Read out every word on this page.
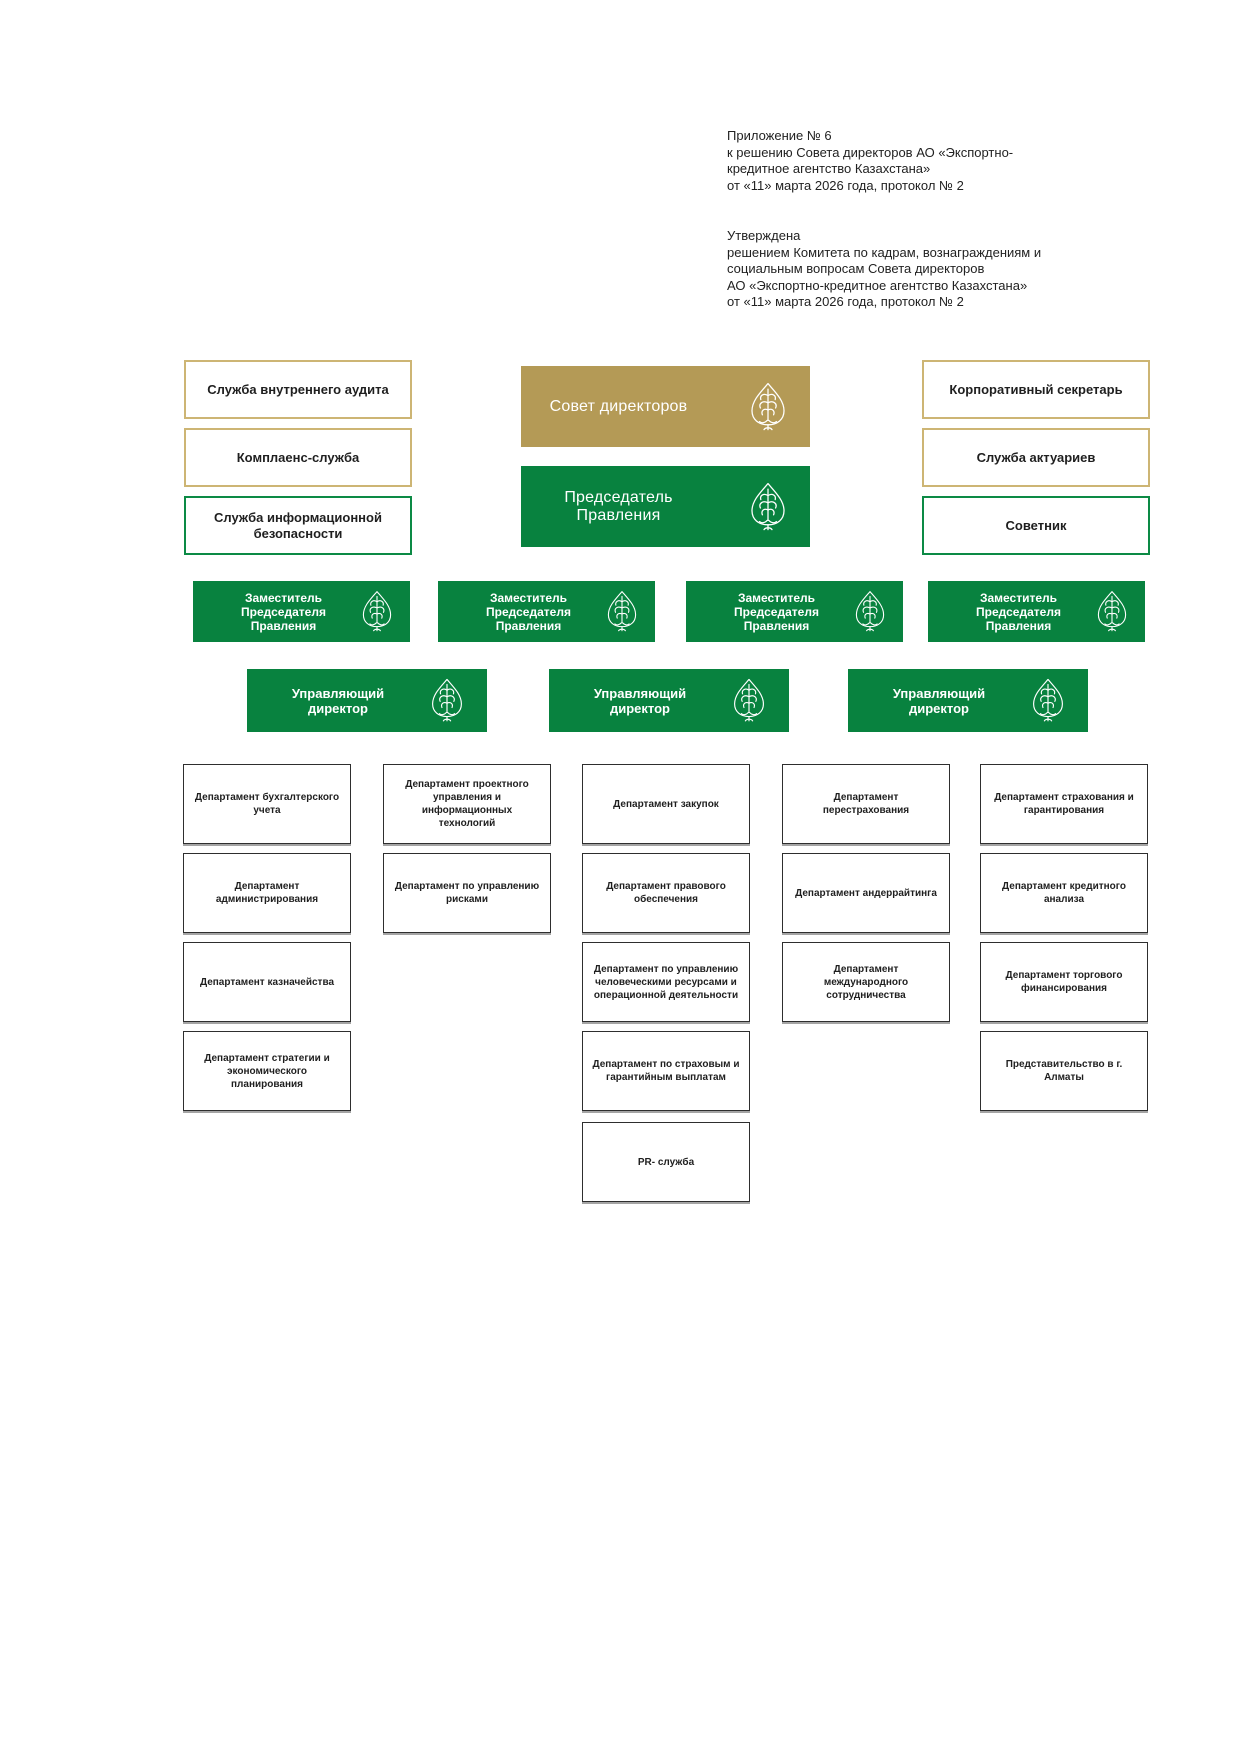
Приложение № 6
к решению Совета директоров АО «Экспортно-
кредитное агентство Казахстана»
от «11» марта 2026 года, протокол № 2
Утверждена
решением Комитета по кадрам, вознаграждениям и
социальным вопросам Совета директоров
АО «Экспортно-кредитное агентство Казахстана»
от «11» марта 2026 года, протокол № 2
Служба внутреннего аудита
Комплаенс-служба
Служба информационной безопасности
Корпоративный секретарь
Служба актуариев
Советник
Совет директоров
Председатель Правления
Заместитель Председателя Правления
Заместитель Председателя Правления
Заместитель Председателя Правления
Заместитель Председателя Правления
Управляющий директор
Управляющий директор
Управляющий директор
Департамент бухгалтерского учета
Департамент администрирования
Департамент казначейства
Департамент стратегии и экономического планирования
Департамент проектного управления и информационных технологий
Департамент по управлению рисками
Департамент закупок
Департамент правового обеспечения
Департамент по управлению человеческими ресурсами и операционной деятельности
Департамент по страховым и гарантийным выплатам
PR- служба
Департамент перестрахования
Департамент андеррайтинга
Департамент международного сотрудничества
Департамент страхования и гарантирования
Департамент кредитного анализа
Департамент торгового финансирования
Представительство в г. Алматы
